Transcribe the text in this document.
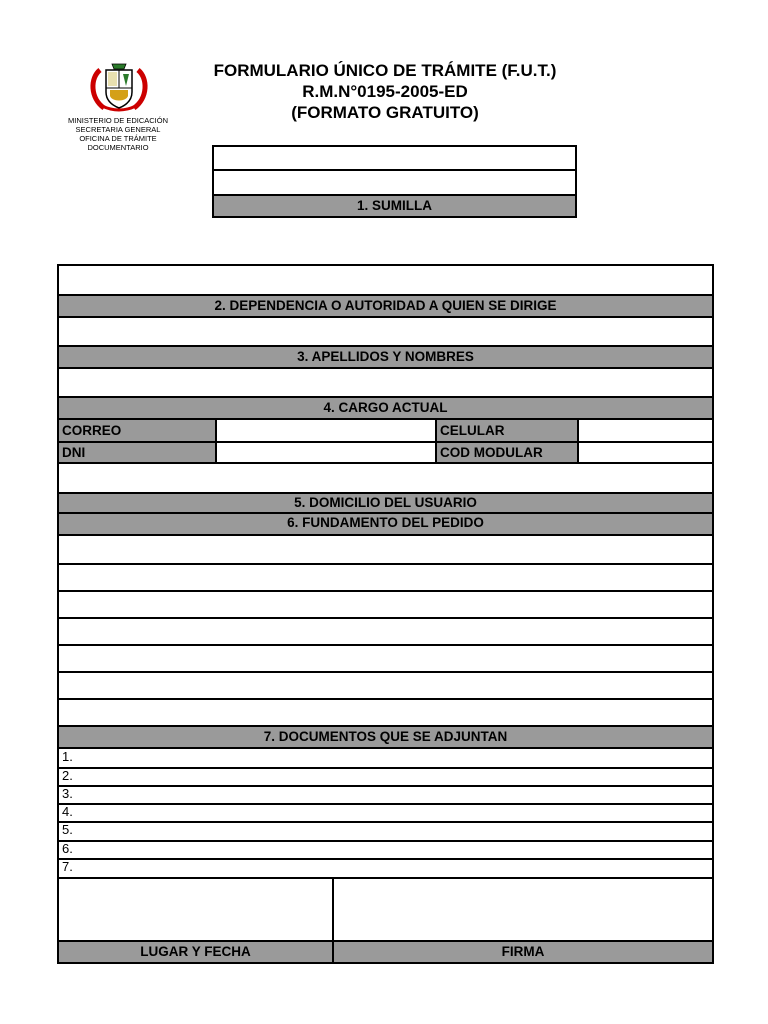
MINISTERIO DE EDICACIÓN
SECRETARIA GENERAL
OFICINA DE TRÁMITE
DOCUMENTARIO
FORMULARIO ÚNICO DE TRÁMITE (F.U.T.)
R.M.N°0195-2005-ED
(FORMATO GRATUITO)
1. SUMILLA
2. DEPENDENCIA O AUTORIDAD A QUIEN SE DIRIGE
3. APELLIDOS Y NOMBRES
4. CARGO ACTUAL
CORREO	CELULAR
DNI	COD MODULAR
5. DOMICILIO DEL USUARIO
6. FUNDAMENTO DEL PEDIDO
7. DOCUMENTOS QUE SE ADJUNTAN
1.
2.
3.
4.
5.
6.
7.
LUGAR Y FECHA	FIRMA
